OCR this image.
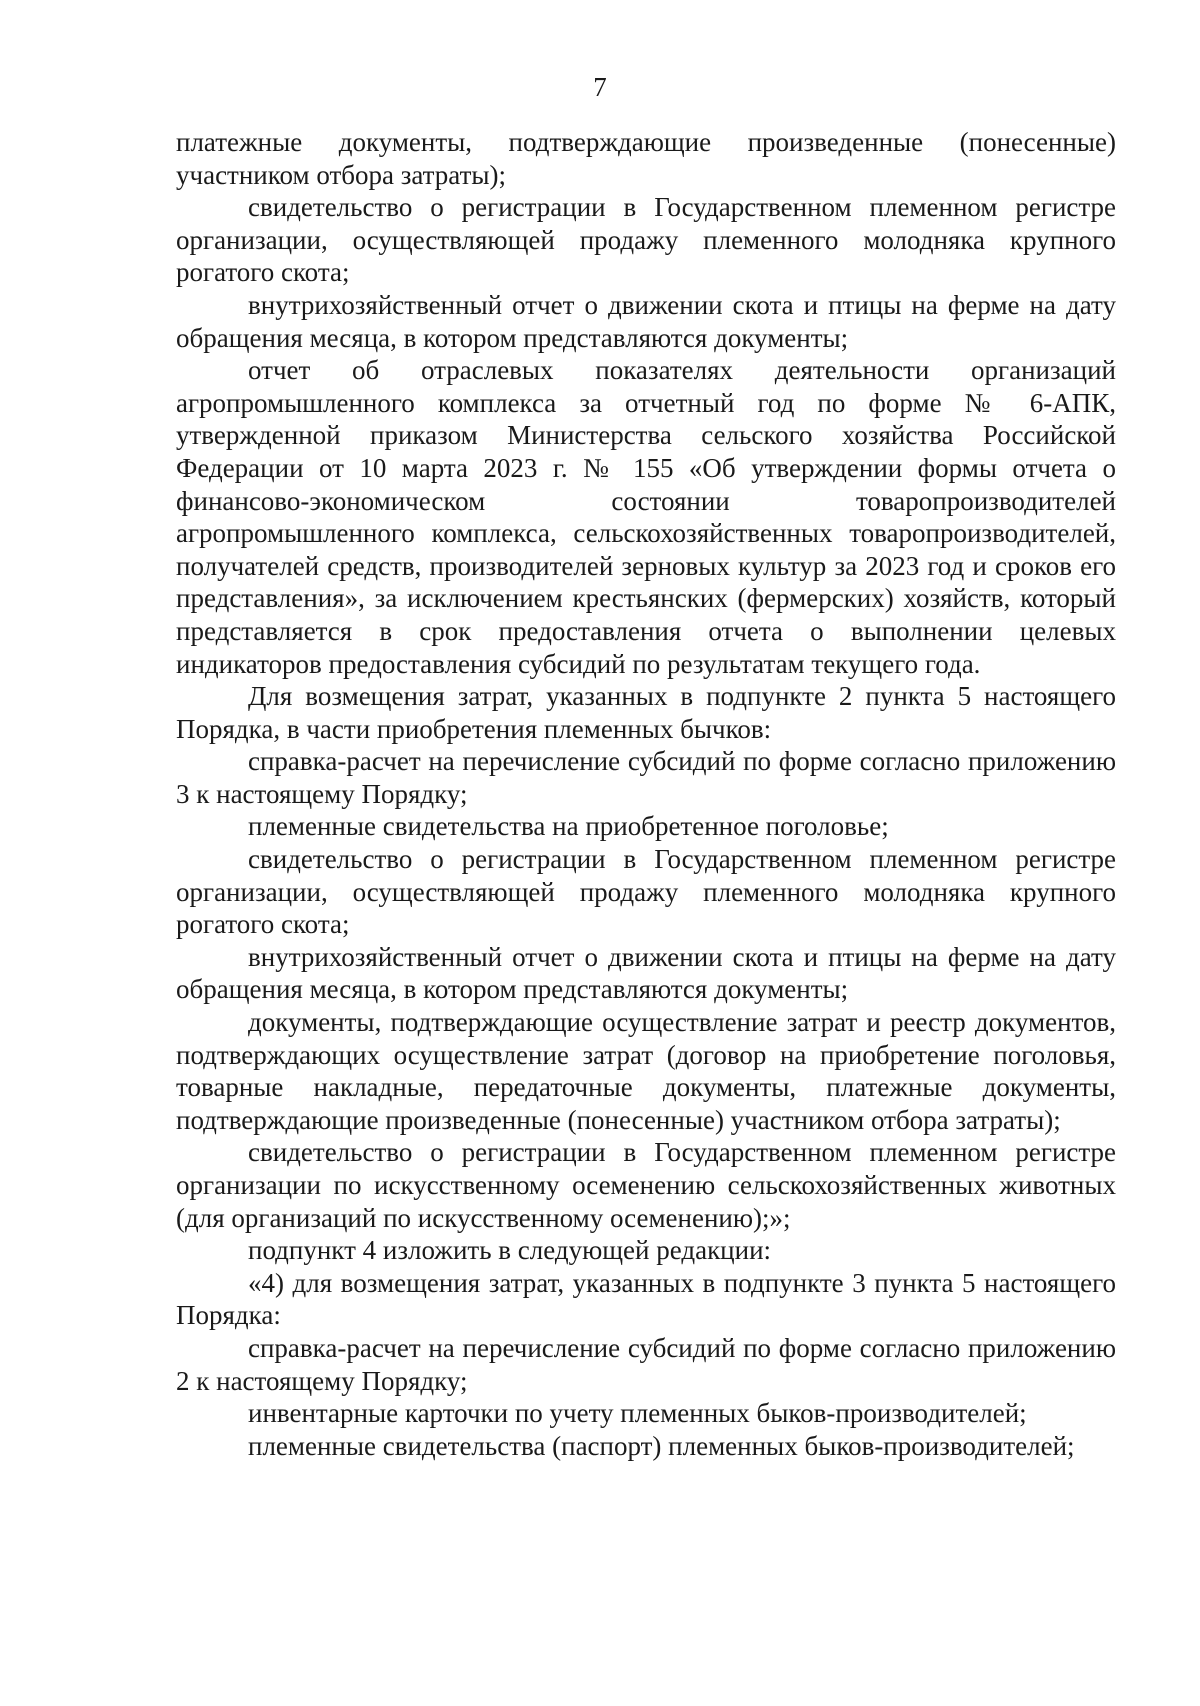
7

платежные документы, подтверждающие произведенные (понесенные) участником отбора затраты);

свидетельство о регистрации в Государственном племенном регистре организации, осуществляющей продажу племенного молодняка крупного рогатого скота;

внутрихозяйственный отчет о движении скота и птицы на ферме на дату обращения месяца, в котором представляются документы;

отчет об отраслевых показателях деятельности организаций агропромышленного комплекса за отчетный год по форме № 6-АПК, утвержденной приказом Министерства сельского хозяйства Российской Федерации от 10 марта 2023 г. № 155 «Об утверждении формы отчета о финансово-экономическом состоянии товаропроизводителей агропромышленного комплекса, сельскохозяйственных товаропроизводителей, получателей средств, производителей зерновых культур за 2023 год и сроков его представления», за исключением крестьянских (фермерских) хозяйств, который представляется в срок предоставления отчета о выполнении целевых индикаторов предоставления субсидий по результатам текущего года.

Для возмещения затрат, указанных в подпункте 2 пункта 5 настоящего Порядка, в части приобретения племенных бычков:

справка-расчет на перечисление субсидий по форме согласно приложению 3 к настоящему Порядку;

племенные свидетельства на приобретенное поголовье;

свидетельство о регистрации в Государственном племенном регистре организации, осуществляющей продажу племенного молодняка крупного рогатого скота;

внутрихозяйственный отчет о движении скота и птицы на ферме на дату обращения месяца, в котором представляются документы;

документы, подтверждающие осуществление затрат и реестр документов, подтверждающих осуществление затрат (договор на приобретение поголовья, товарные накладные, передаточные документы, платежные документы, подтверждающие произведенные (понесенные) участником отбора затраты);

свидетельство о регистрации в Государственном племенном регистре организации по искусственному осеменению сельскохозяйственных животных (для организаций по искусственному осеменению);»;

подпункт 4 изложить в следующей редакции:

«4) для возмещения затрат, указанных в подпункте 3 пункта 5 настоящего Порядка:

справка-расчет на перечисление субсидий по форме согласно приложению 2 к настоящему Порядку;

инвентарные карточки по учету племенных быков-производителей;

племенные свидетельства (паспорт) племенных быков-производителей;
